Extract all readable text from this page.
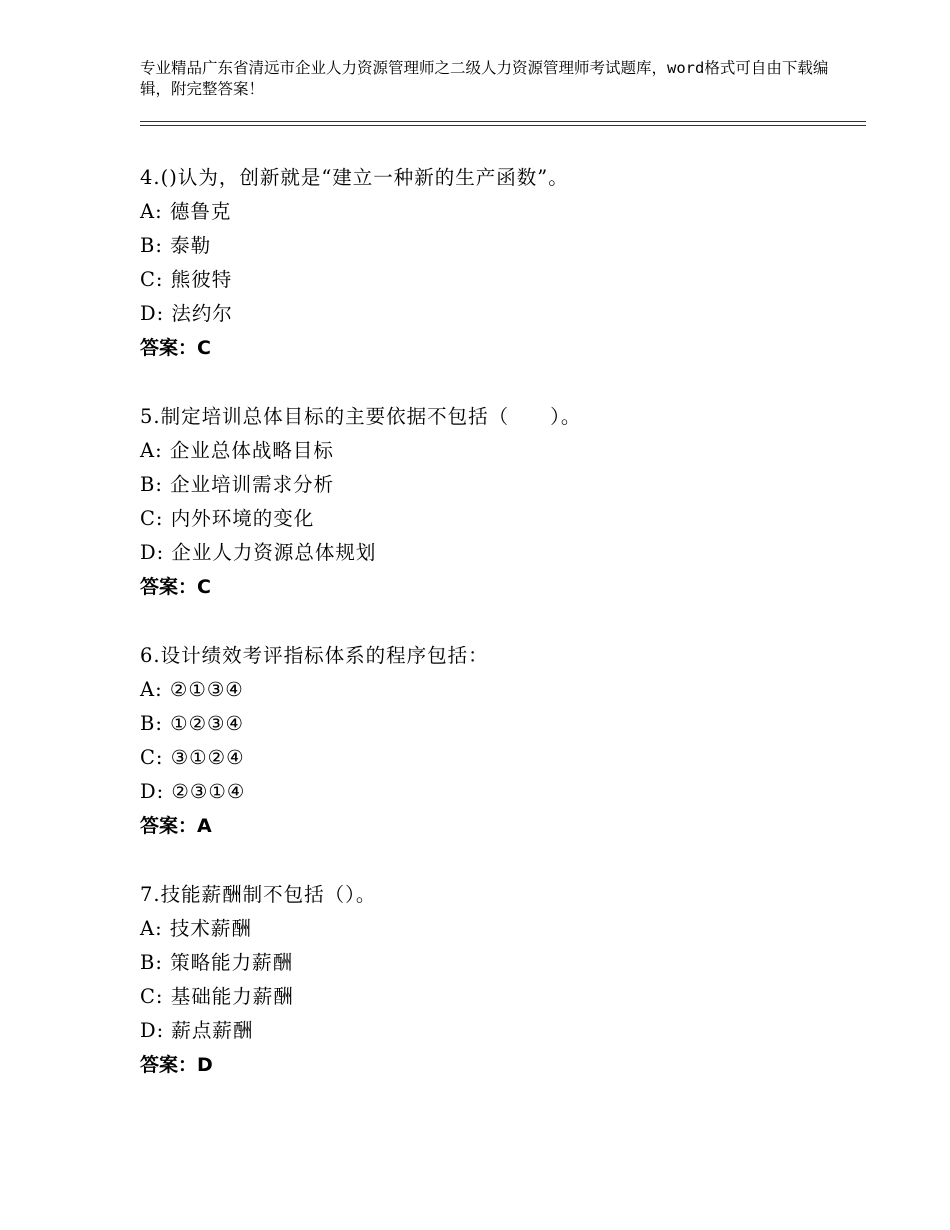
专业精品广东省清远市企业人力资源管理师之二级人力资源管理师考试题库，word格式可自由下载编辑，附完整答案！
4.()认为，创新就是“建立一种新的生产函数”。
A: 德鲁克
B: 泰勒
C: 熊彼特
D: 法约尔
答案：C
5.制定培训总体目标的主要依据不包括（　　）。
A: 企业总体战略目标
B: 企业培训需求分析
C: 内外环境的变化
D: 企业人力资源总体规划
答案：C
6.设计绩效考评指标体系的程序包括：
A: ②①③④
B: ①②③④
C: ③①②④
D: ②③①④
答案：A
7.技能薪酬制不包括（）。
A: 技术薪酬
B: 策略能力薪酬
C: 基础能力薪酬
D: 薪点薪酬
答案：D
